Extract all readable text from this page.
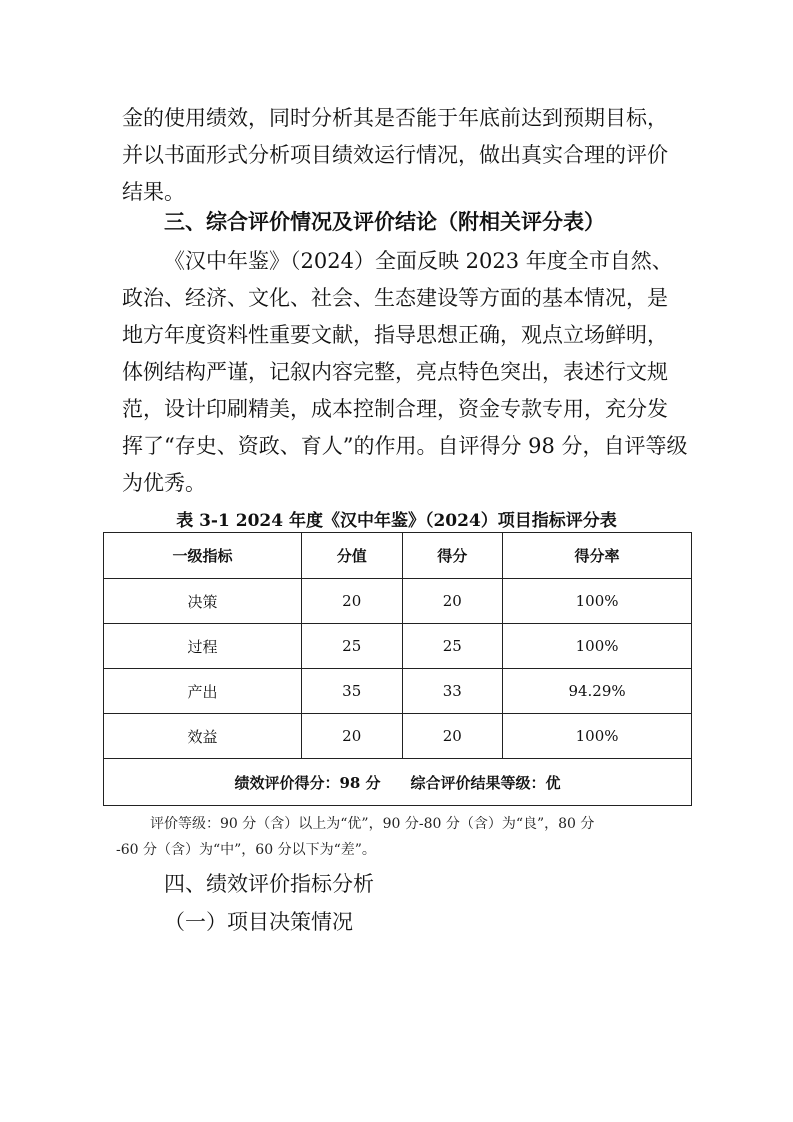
金的使用绩效，同时分析其是否能于年底前达到预期目标，
并以书面形式分析项目绩效运行情况，做出真实合理的评价
结果。

三、综合评价情况及评价结论（附相关评分表）

《汉中年鉴》（2024）全面反映 2023 年度全市自然、
政治、经济、文化、社会、生态建设等方面的基本情况，是
地方年度资料性重要文献，指导思想正确，观点立场鲜明，
体例结构严谨，记叙内容完整，亮点特色突出，表述行文规
范，设计印刷精美，成本控制合理，资金专款专用，充分发
挥了“存史、资政、育人”的作用。自评得分 98 分，自评等级
为优秀。

表 3-1 2024 年度《汉中年鉴》（2024）项目指标评分表

一级指标	分值	得分	得分率
决策	20	20	100%
过程	25	25	100%
产出	35	33	94.29%
效益	20	20	100%
绩效评价得分：98 分　　综合评价结果等级：优			

评价等级：90 分（含）以上为“优”，90 分-80 分（含）为“良”，80 分
-60 分（含）为“中”，60 分以下为“差”。

四、绩效评价指标分析
（一）项目决策情况
